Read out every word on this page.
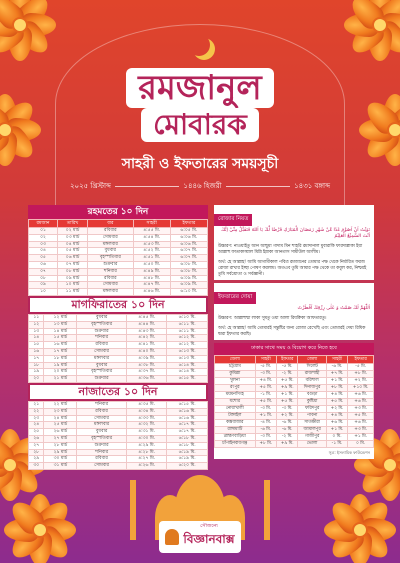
রমজানুল
মোবারক
সাহরী ও ইফতারের সময়সূচী
২০২৫ খ্রিস্টাব্দ	১৪৪৬ হিজরী	১৪৩১ বঙ্গাব্দ
রহমতের ১০ দিন
রমজান	তারিখ	বার	সাহরী	ইফতার
০১	০২ মার্চ	রবিবার	৪:৫৫ মি.	৬:০৫ মি.
০২	০৩ মার্চ	সোমবার	৪:৫৪ মি.	৬:০৬ মি.
০৩	০৪ মার্চ	মঙ্গলবার	৪:৫৩ মি.	৬:০৬ মি.
০৪	০৫ মার্চ	বুধবার	৪:৫২ মি.	৬:০৭ মি.
০৫	০৬ মার্চ	বৃহস্পতিবার	৪:৫১ মি.	৬:০৭ মি.
০৬	০৭ মার্চ	শুক্রবার	৪:৫০ মি.	৬:০৮ মি.
০৭	০৮ মার্চ	শনিবার	৪:৪৯ মি.	৬:০৮ মি.
০৮	০৯ মার্চ	রবিবার	৪:৪৮ মি.	৬:০৯ মি.
০৯	১০ মার্চ	সোমবার	৪:৪৭ মি.	৬:০৯ মি.
১০	১১ মার্চ	মঙ্গলবার	৪:৪৬ মি.	৬:১০ মি.
মাগফিরাতের ১০ দিন
১১	১২ মার্চ	বুধবার	৪:৪৫ মি.	৬:১০ মি.
১২	১৩ মার্চ	বৃহস্পতিবার	৪:৪৪ মি.	৬:১১ মি.
১৩	১৪ মার্চ	শুক্রবার	৪:৪৩ মি.	৬:১১ মি.
১৪	১৫ মার্চ	শনিবার	৪:৪২ মি.	৬:১২ মি.
১৫	১৬ মার্চ	রবিবার	৪:৪১ মি.	৬:১২ মি.
১৬	১৭ মার্চ	সোমবার	৪:৪০ মি.	৬:১৩ মি.
১৭	১৮ মার্চ	মঙ্গলবার	৪:৩৯ মি.	৬:১৩ মি.
১৮	১৯ মার্চ	বুধবার	৪:৩৮ মি.	৬:১৪ মি.
১৯	২০ মার্চ	বৃহস্পতিবার	৪:৩৭ মি.	৬:১৪ মি.
২০	২১ মার্চ	শুক্রবার	৪:৩৬ মি.	৬:১৫ মি.
নাজাতের ১০ দিন
২১	২২ মার্চ	শনিবার	৪:৩৫ মি.	৬:১৫ মি.
২২	২৩ মার্চ	রবিবার	৪:৩৪ মি.	৬:১৬ মি.
২৩	২৪ মার্চ	সোমবার	৪:৩৩ মি.	৬:১৬ মি.
২৪	২৫ মার্চ	মঙ্গলবার	৪:৩২ মি.	৬:১৭ মি.
২৫	২৬ মার্চ	বুধবার	৪:৩১ মি.	৬:১৭ মি.
২৬	২৭ মার্চ	বৃহস্পতিবার	৪:৩০ মি.	৬:১৮ মি.
২৭	২৮ মার্চ	শুক্রবার	৪:২৯ মি.	৬:১৮ মি.
২৮	২৯ মার্চ	শনিবার	৪:২৮ মি.	৬:১৯ মি.
২৯	৩০ মার্চ	রবিবার	৪:২৭ মি.	৬:১৯ মি.
৩০	৩১ মার্চ	সোমবার	৪:২৬ মি.	৬:২০ মি.
রোজার নিয়ত
نَوَيْتُ اَنْ اَصُوْمَ غَدًا مِّنْ شَهْرِ رَمَضَانَ الْمُبَارَكِ فَرْضًا لَّكَ يَا اَللهُ فَتَقَبَّلْ مِنِّيْ اِنَّكَ اَنْتَ السَّمِيْعُ الْعَلِيْمُ
উচ্চারণ: নাওয়াইতু আন আছুমা গাদাম মিন শাহরি রমাদানাল মুবারাকি ফারদাল্লাকা ইয়া আল্লাহু ফাতাকাব্বাল মিন্নি ইন্নাকা আনতাস সামীউল আলীম।
অর্থ: হে আল্লাহ! আমি আগামীকাল পবিত্র রমজানের তোমার পক্ষ থেকে নির্ধারিত ফরজ রোজা রাখার ইচ্ছা পোষণ করলাম। অতএব তুমি আমার পক্ষ থেকে তা কবুল কর, নিশ্চয়ই তুমি সর্বশ্রোতা ও সর্বজ্ঞানী।
ইফতারের দোয়া
اَللّٰهُمَّ لَكَ صُمْتُ وَ عَلٰى رِزْقِكَ اَفْطَرْتُ
উচ্চারণ: আল্লাহুম্মা লাকা সুমতু ওয়া আলা রিযক্বিকা আফতারতু।
অর্থ: হে আল্লাহ! আমি তোমারই সন্তুষ্টির জন্য রোজা রেখেছি এবং তোমারই দেয়া রিযিক দ্বারা ইফতার করছি।
ঢাকার সাথে সময় ও বিয়োগ করে নিতে হবে
জেলা	সাহরী	ইফতার	জেলা	সাহরী	ইফতার
চট্টগ্রাম	-৫ মি.	-৫ মি.	সিলেট	-৬ মি.	-৫ মি.
কুমিল্লা	-৩ মি.	-২ মি.	রাজশাহী	+৭ মি.	+৮ মি.
খুলনা	+৪ মি.	+৫ মি.	বরিশাল	+১ মি.	+২ মি.
রংপুর	+৫ মি.	+৯ মি.	দিনাজপুর	+৮ মি.	+১০ মি.
ময়মনসিংহ	-১ মি.	+১ মি.	বগুড়া	+৪ মি.	+৬ মি.
যশোর	+৫ মি.	+৫ মি.	কুষ্টিয়া	+৫ মি.	+৬ মি.
নোয়াখালী	-৩ মি.	-৩ মি.	ফরিদপুর	+২ মি.	+৩ মি.
টাঙ্গাইল	+১ মি.	+২ মি.	পাবনা	+৪ মি.	+৫ মি.
কক্সবাজার	-৪ মি.	-৬ মি.	সাতক্ষীরা	+৬ মি.	+৬ মি.
রাঙ্গামাটি	-৬ মি.	-৬ মি.	জামালপুর	+১ মি.	+৩ মি.
ব্রাহ্মণবাড়িয়া	-৩ মি.	-২ মি.	গাজীপুর	০ মি.	+১ মি.
চাঁপাইনবাবগঞ্জ	+৮ মি.	+৯ মি.	ভোলা	-১ মি.	০ মি.
সূত্র: ইসলামিক ফাউন্ডেশন
সৌজন্যে
বিজ্ঞানবাক্স
